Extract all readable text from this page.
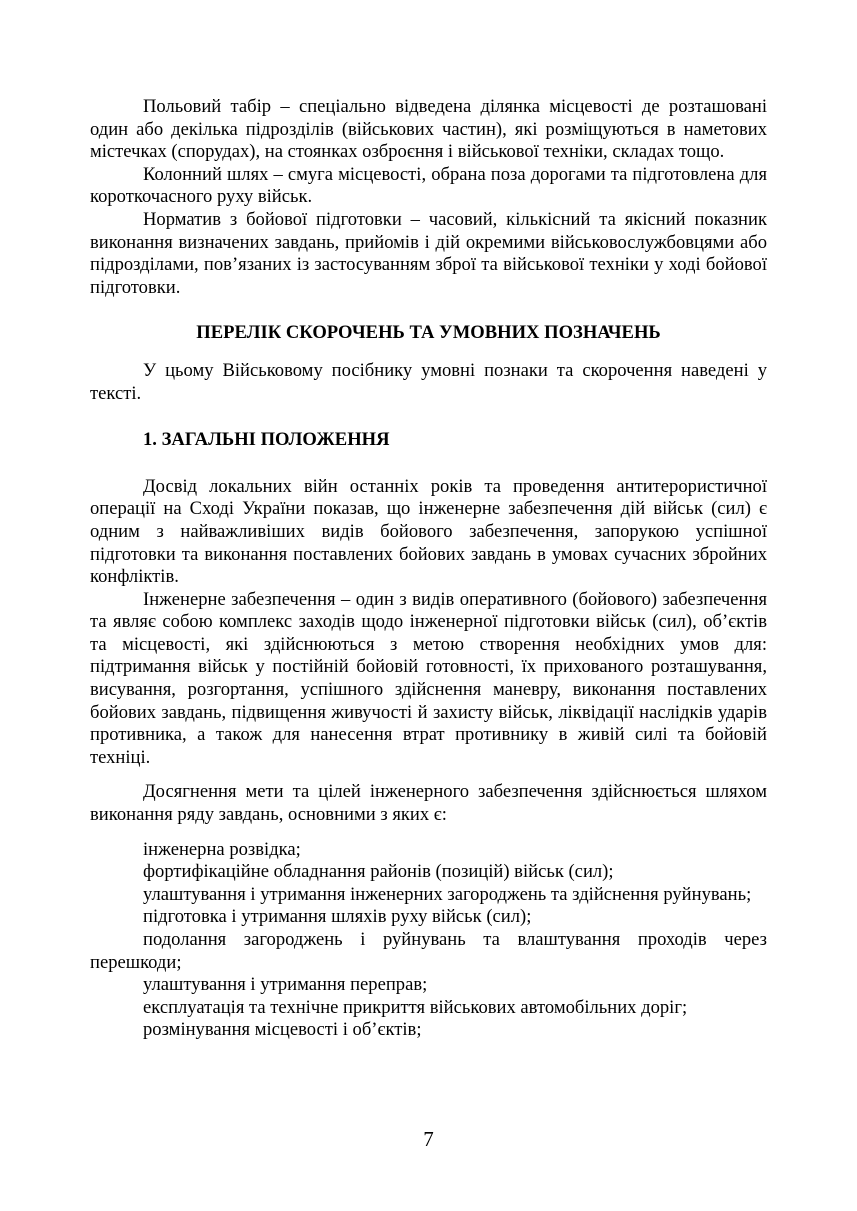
Польовий табір – спеціально відведена ділянка місцевості де розташовані один або декілька підрозділів (військових частин), які розміщуються в наметових містечках (спорудах), на стоянках озброєння і військової техніки, складах тощо.

Колонний шлях – смуга місцевості, обрана поза дорогами та підготовлена для короткочасного руху військ.

Норматив з бойової підготовки – часовий, кількісний та якісний показник виконання визначених завдань, прийомів і дій окремими військовослужбовцями або підрозділами, пов’язаних із застосуванням зброї та військової техніки у ході бойової підготовки.

ПЕРЕЛІК СКОРОЧЕНЬ ТА УМОВНИХ ПОЗНАЧЕНЬ

У цьому Військовому посібнику умовні познаки та скорочення наведені у тексті.

1. ЗАГАЛЬНІ ПОЛОЖЕННЯ

Досвід локальних війн останніх років та проведення антитерористичної операції на Сході України показав, що інженерне забезпечення дій військ (сил) є одним з найважливіших видів бойового забезпечення, запорукою успішної підготовки та виконання поставлених бойових завдань в умовах сучасних збройних конфліктів.

Інженерне забезпечення – один з видів оперативного (бойового) забезпечення та являє собою комплекс заходів щодо інженерної підготовки військ (сил), об’єктів та місцевості, які здійснюються з метою створення необхідних умов для: підтримання військ у постійній бойовій готовності, їх прихованого розташування, висування, розгортання, успішного здійснення маневру, виконання поставлених бойових завдань, підвищення живучості й захисту військ, ліквідації наслідків ударів противника, а також для нанесення втрат противнику в живій силі та бойовій техніці.

Досягнення мети та цілей інженерного забезпечення здійснюється шляхом виконання ряду завдань, основними з яких є:

інженерна розвідка;

фортифікаційне обладнання районів (позицій) військ (сил);

улаштування і утримання інженерних загороджень та здійснення руйнувань;

підготовка і утримання шляхів руху військ (сил);

подолання загороджень і руйнувань та влаштування проходів через перешкоди;

улаштування і утримання переправ;

експлуатація та технічне прикриття військових автомобільних доріг;

розмінування місцевості і об’єктів;

7
